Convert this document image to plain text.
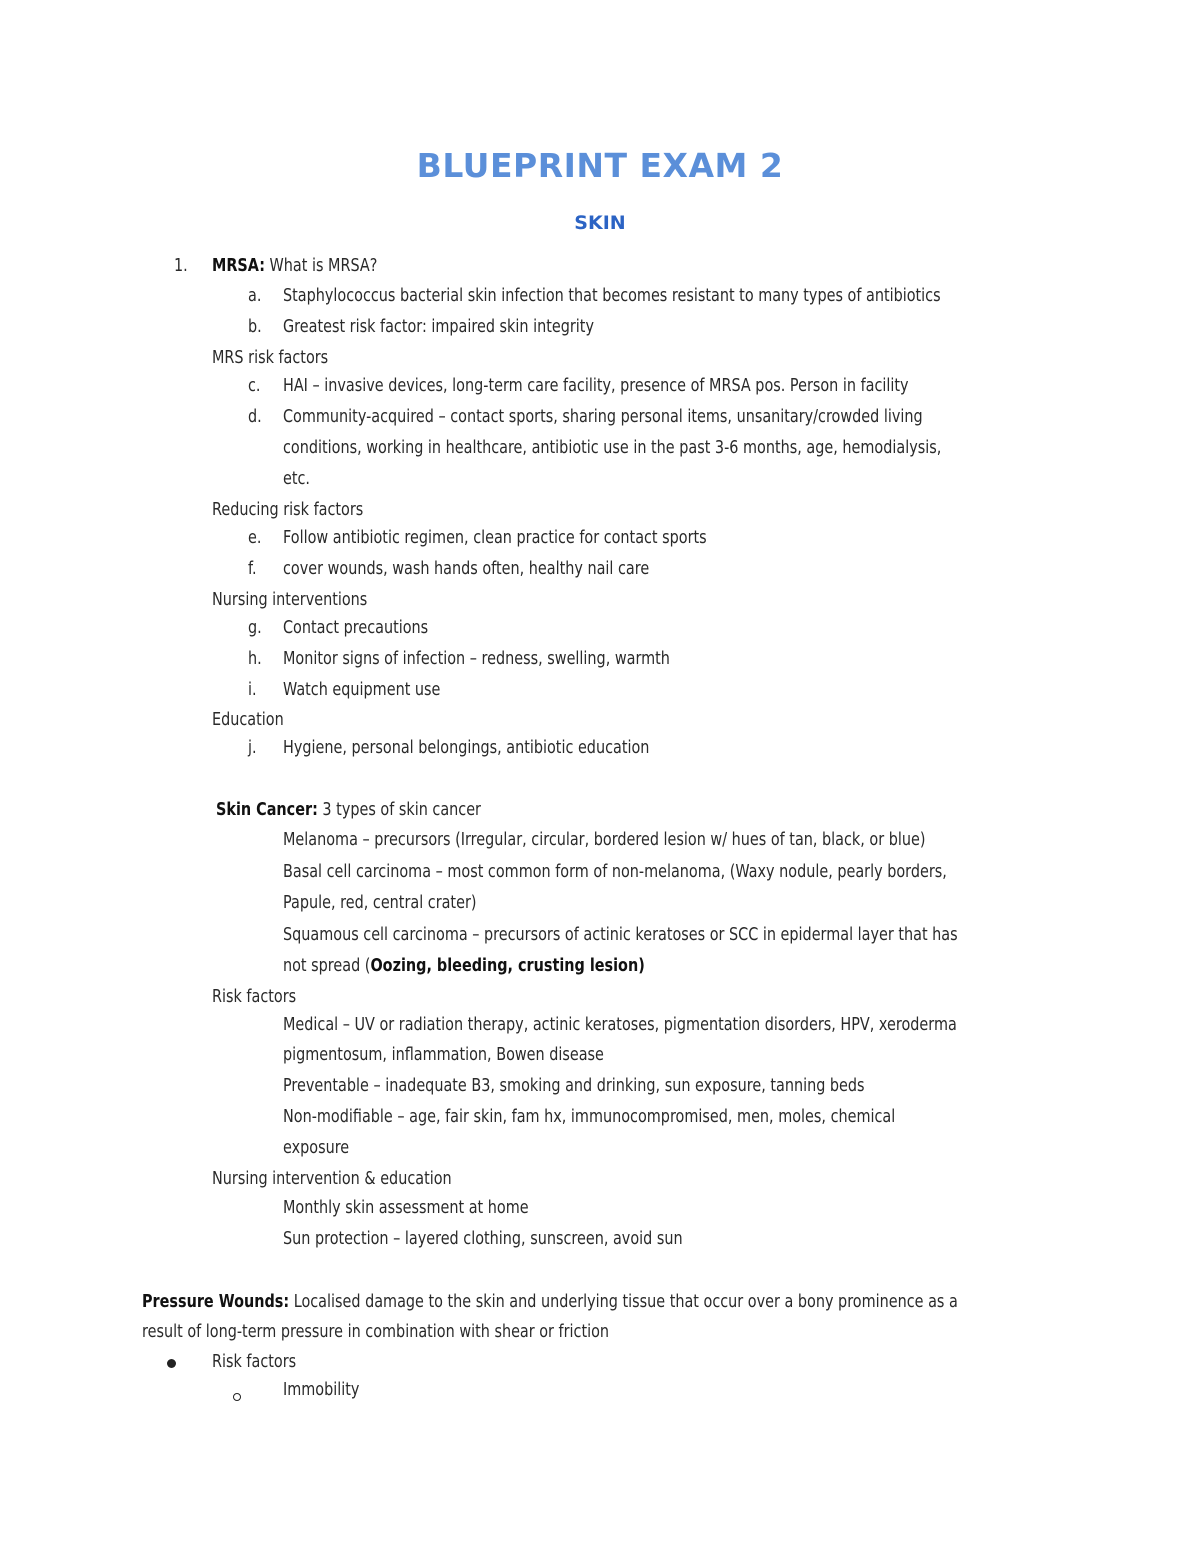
BLUEPRINT EXAM 2
SKIN
1. MRSA: What is MRSA?
a. Staphylococcus bacterial skin infection that becomes resistant to many types of antibiotics
b. Greatest risk factor: impaired skin integrity
MRS risk factors
c. HAI – invasive devices, long-term care facility, presence of MRSA pos. Person in facility
d. Community-acquired – contact sports, sharing personal items, unsanitary/crowded living
conditions, working in healthcare, antibiotic use in the past 3-6 months, age, hemodialysis,
etc.
Reducing risk factors
e. Follow antibiotic regimen, clean practice for contact sports
f. cover wounds, wash hands often, healthy nail care
Nursing interventions
g. Contact precautions
h. Monitor signs of infection – redness, swelling, warmth
i. Watch equipment use
Education
j. Hygiene, personal belongings, antibiotic education
Skin Cancer: 3 types of skin cancer
Melanoma – precursors (Irregular, circular, bordered lesion w/ hues of tan, black, or blue)
Basal cell carcinoma – most common form of non-melanoma, (Waxy nodule, pearly borders,
Papule, red, central crater)
Squamous cell carcinoma – precursors of actinic keratoses or SCC in epidermal layer that has
not spread (Oozing, bleeding, crusting lesion)
Risk factors
Medical – UV or radiation therapy, actinic keratoses, pigmentation disorders, HPV, xeroderma
pigmentosum, inflammation, Bowen disease
Preventable – inadequate B3, smoking and drinking, sun exposure, tanning beds
Non-modifiable – age, fair skin, fam hx, immunocompromised, men, moles, chemical
exposure
Nursing intervention & education
Monthly skin assessment at home
Sun protection – layered clothing, sunscreen, avoid sun
Pressure Wounds: Localised damage to the skin and underlying tissue that occur over a bony prominence as a
result of long-term pressure in combination with shear or friction
Risk factors
Immobility
